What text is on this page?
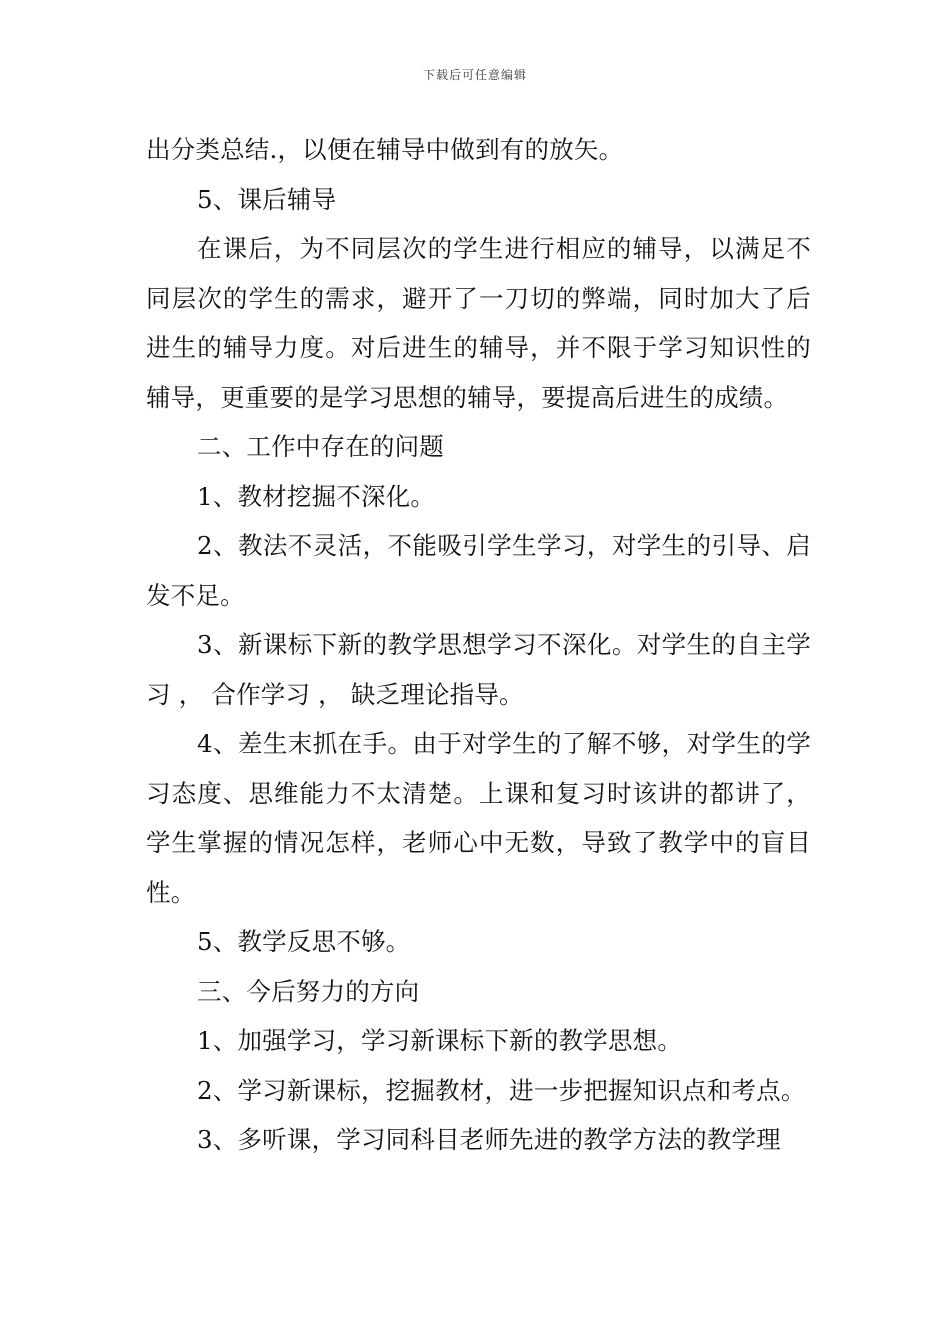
下载后可任意编辑

出分类总结.，以便在辅导中做到有的放矢。

5、课后辅导

在课后，为不同层次的学生进行相应的辅导，以满足不同层次的学生的需求，避开了一刀切的弊端，同时加大了后进生的辅导力度。对后进生的辅导，并不限于学习知识性的辅导，更重要的是学习思想的辅导，要提高后进生的成绩。

二、工作中存在的问题

1、教材挖掘不深化。

2、教法不灵活，不能吸引学生学习，对学生的引导、启发不足。

3、新课标下新的教学思想学习不深化。对学生的自主学习 ， 合作学习 ， 缺乏理论指导。

4、差生末抓在手。由于对学生的了解不够，对学生的学习态度、思维能力不太清楚。上课和复习时该讲的都讲了，学生掌握的情况怎样，老师心中无数，导致了教学中的盲目性。

5、教学反思不够。

三、今后努力的方向

1、加强学习，学习新课标下新的教学思想。

2、学习新课标，挖掘教材，进一步把握知识点和考点。

3、多听课，学习同科目老师先进的教学方法的教学理
